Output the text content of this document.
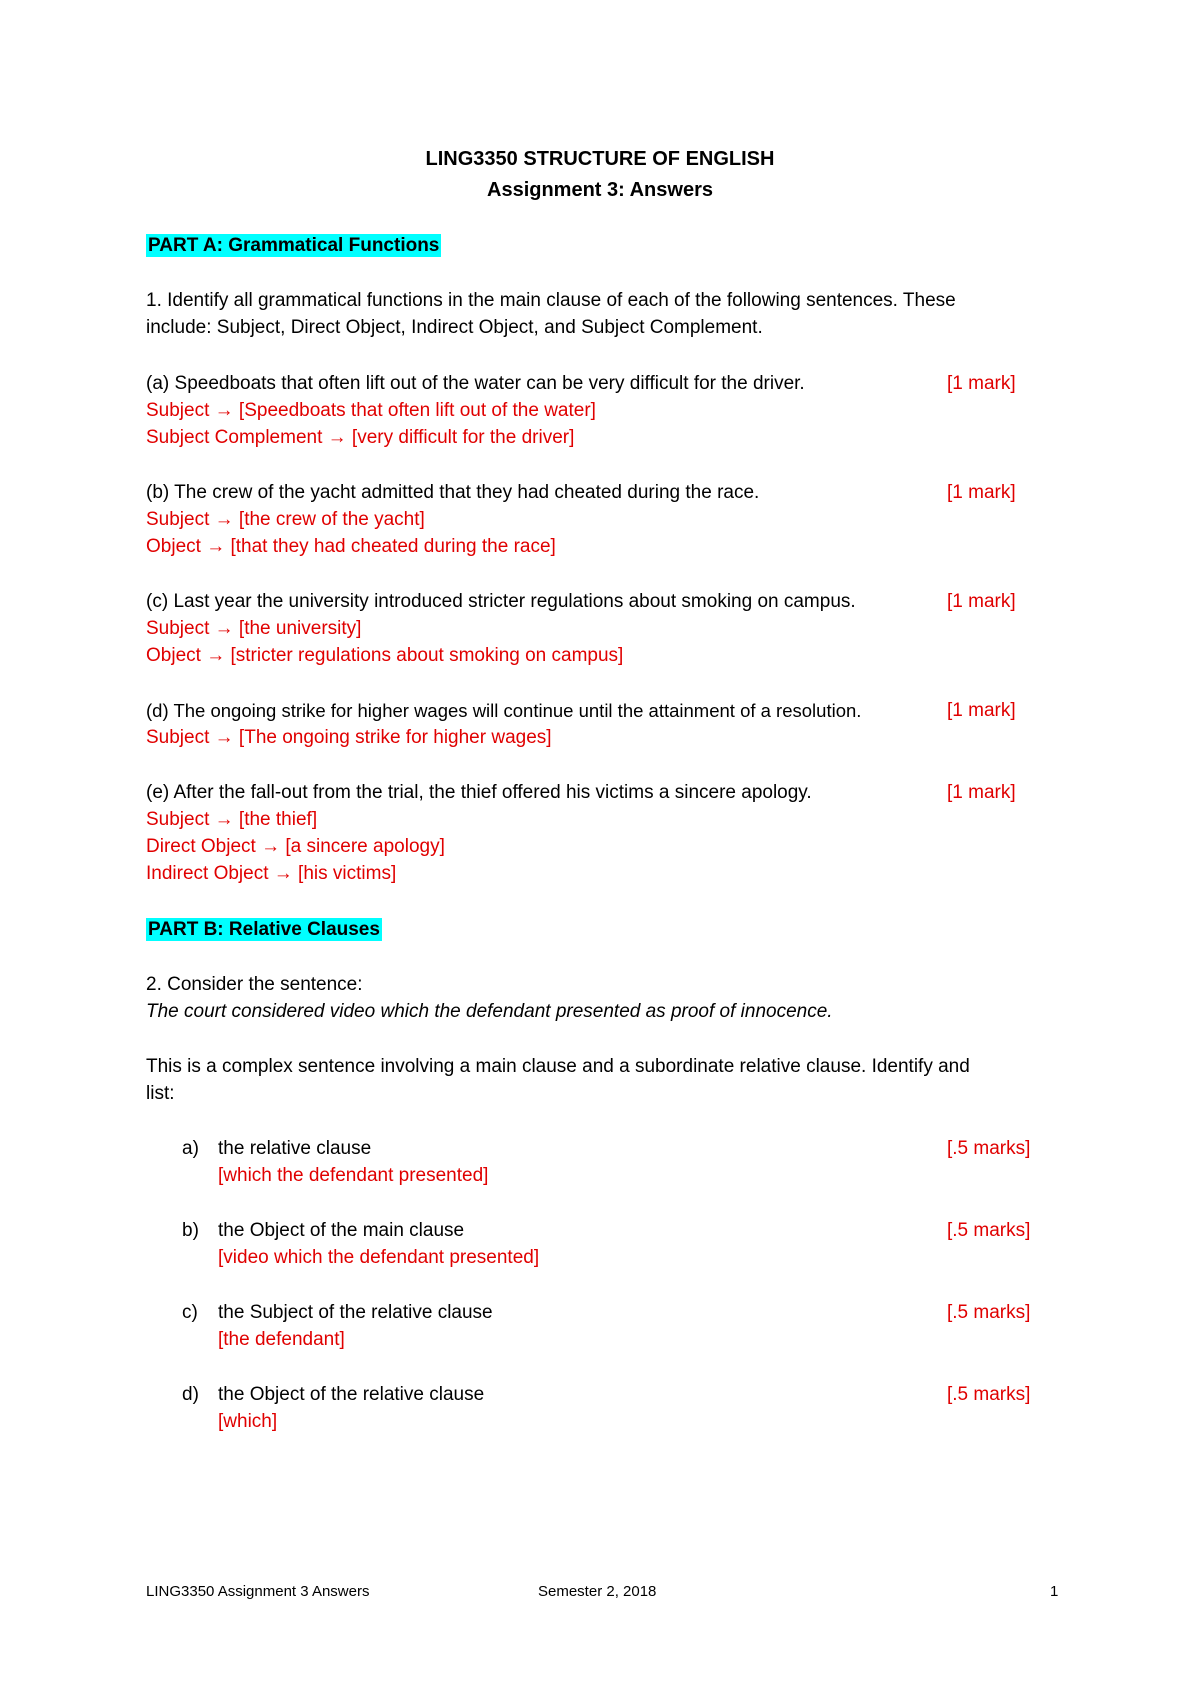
LING3350 STRUCTURE OF ENGLISH
Assignment 3: Answers
PART A: Grammatical Functions
1. Identify all grammatical functions in the main clause of each of the following sentences. These
include: Subject, Direct Object, Indirect Object, and Subject Complement.
(a) Speedboats that often lift out of the water can be very difficult for the driver.	[1 mark]
Subject → [Speedboats that often lift out of the water]
Subject Complement → [very difficult for the driver]
(b) The crew of the yacht admitted that they had cheated during the race.	[1 mark]
Subject → [the crew of the yacht]
Object → [that they had cheated during the race]
(c) Last year the university introduced stricter regulations about smoking on campus.	[1 mark]
Subject → [the university]
Object → [stricter regulations about smoking on campus]
(d) The ongoing strike for higher wages will continue until the attainment of a resolution.	[1 mark]
Subject → [The ongoing strike for higher wages]
(e) After the fall-out from the trial, the thief offered his victims a sincere apology.	[1 mark]
Subject → [the thief]
Direct Object → [a sincere apology]
Indirect Object → [his victims]
PART B: Relative Clauses
2. Consider the sentence:
The court considered video which the defendant presented as proof of innocence.
This is a complex sentence involving a main clause and a subordinate relative clause. Identify and
list:
a) the relative clause	[.5 marks]
[which the defendant presented]
b) the Object of the main clause	[.5 marks]
[video which the defendant presented]
c) the Subject of the relative clause	[.5 marks]
[the defendant]
d) the Object of the relative clause	[.5 marks]
[which]
LING3350 Assignment 3 Answers	Semester 2, 2018	1
